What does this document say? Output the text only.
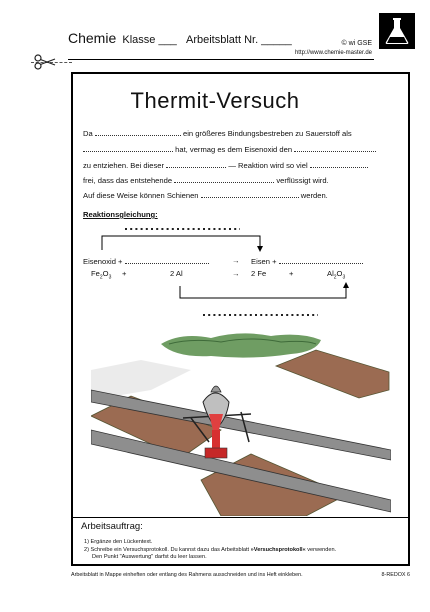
Chemie Klasse ___ Arbeitsblatt Nr. _____	© wi GSE
http://www.chemie-master.de
Thermit-Versuch
Da	ein größeres Bindungsbestreben zu Sauerstoff als
hat, vermag es dem Eisenoxid den
zu entziehen. Bei dieser	— Reaktion wird so viel
frei, dass das entstehende	verflüssigt wird.
Auf diese Weise können Schienen	werden.
Reaktionsgleichung:
Eisenoxid +	→ Eisen +
$Fe_2O_3$ +	2 Al	→ 2 Fe	+	$Al_2O_3$
Arbeitsauftrag:
1) Ergänze den Lückentext.
2) Schreibe ein Versuchsprotokoll. Du kannst dazu das Arbeitsblatt »Versuchsprotokoll« verwenden.
Den Punkt "Auswertung" darfst du leer lassen.
Arbeitsblatt in Mappe einheften oder entlang des Rahmens ausschneiden und ins Heft einkleben.	8-REDOX 6
